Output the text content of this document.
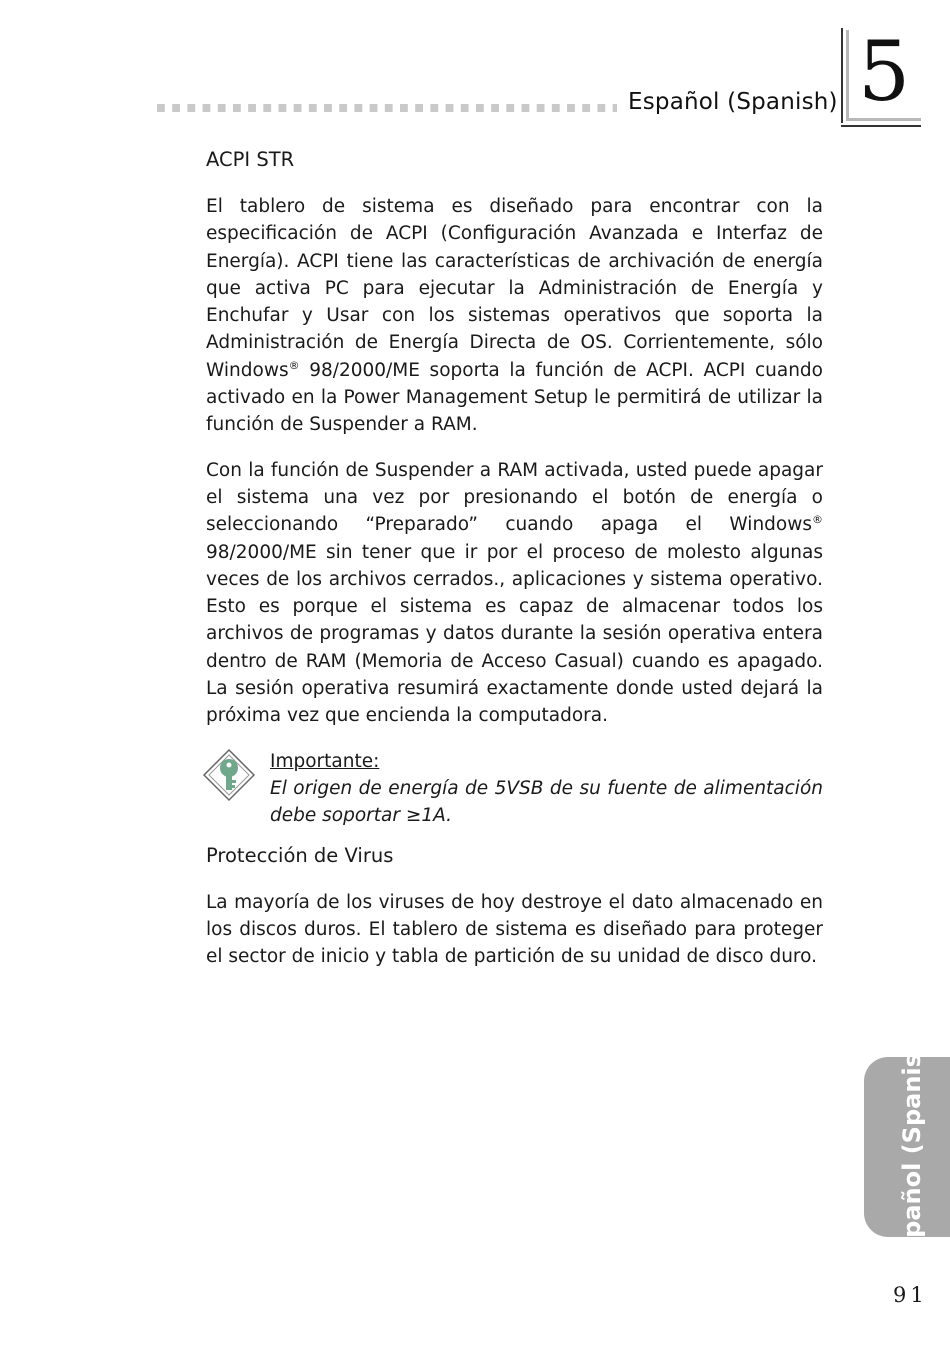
Español (Spanish) 5
ACPI STR

El tablero de sistema es diseñado para encontrar con la especificación de ACPI (Configuración Avanzada e Interfaz de Energía). ACPI tiene las características de archivación de energía que activa PC para ejecutar la Administración de Energía y Enchufar y Usar con los sistemas operativos que soporta la Administración de Energía Directa de OS. Corrientemente, sólo Windows® 98/2000/ME soporta la función de ACPI. ACPI cuando activado en la Power Management Setup le permitirá de utilizar la función de Suspender a RAM.

Con la función de Suspender a RAM activada, usted puede apagar el sistema una vez por presionando el botón de energía o seleccionando “Preparado” cuando apaga el Windows® 98/2000/ME sin tener que ir por el proceso de molesto algunas veces de los archivos cerrados., aplicaciones y sistema operativo. Esto es porque el sistema es capaz de almacenar todos los archivos de programas y datos durante la sesión operativa entera dentro de RAM (Memoria de Acceso Casual) cuando es apagado. La sesión operativa resumirá exactamente donde usted dejará la próxima vez que encienda la computadora.

Importante:
El origen de energía de 5VSB de su fuente de alimentación debe soportar ≥1A.
Protección de Virus

La mayoría de los viruses de hoy destroye el dato almacenado en los discos duros. El tablero de sistema es diseñado para proteger el sector de inicio y tabla de partición de su unidad de disco duro.

Español (Spanish)
91
